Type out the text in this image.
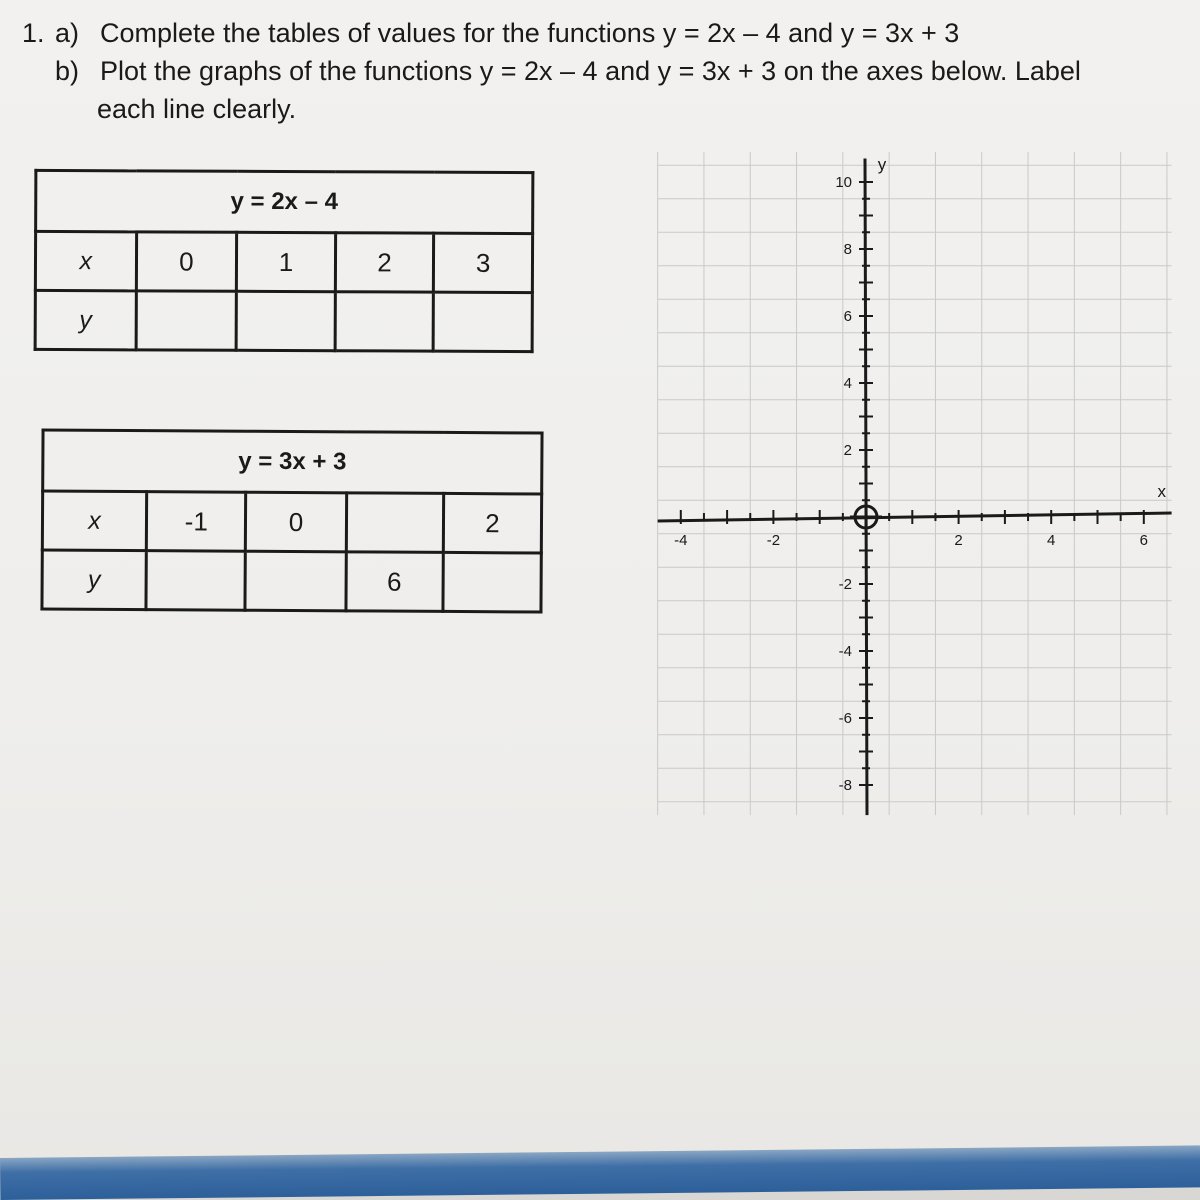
1. a) Complete the tables of values for the functions y = 2x – 4 and y = 3x + 3
b) Plot the graphs of the functions y = 2x – 4 and y = 3x + 3 on the axes below. Label
each line clearly.
y = 2x – 4				
x	0	1	2	3
y				
y = 3x + 3				
x	-1	0		2
y			6	
-4	-2	2	4	6
10
8
6
4
2
-2
-4
-6
-8
x
y
